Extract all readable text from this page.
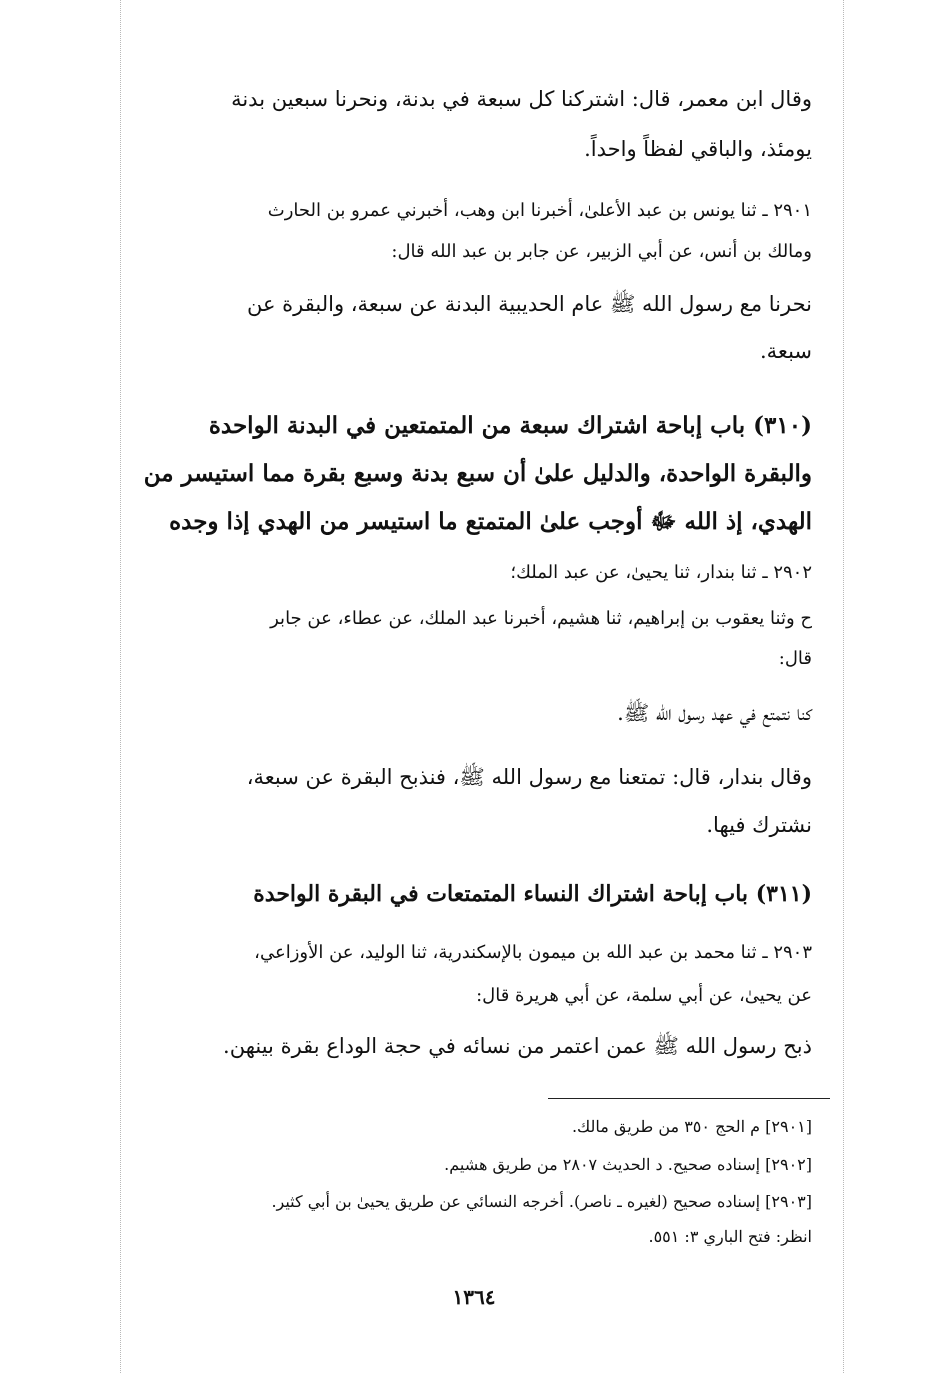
وقال ابن معمر، قال: اشتركنا كل سبعة في بدنة، ونحرنا سبعين بدنة
يومئذ، والباقي لفظاً واحداً.
٢٩٠١ ـ ثنا يونس بن عبد الأعلىٰ، أخبرنا ابن وهب، أخبرني عمرو بن الحارث
ومالك بن أنس، عن أبي الزبير، عن جابر بن عبد الله قال:
نحرنا مع رسول الله ﷺ عام الحديبية البدنة عن سبعة، والبقرة عن
سبعة.
(٣١٠) باب إباحة اشتراك سبعة من المتمتعين في البدنة الواحدة
والبقرة الواحدة، والدليل علىٰ أن سبع بدنة وسبع بقرة مما استيسر من
الهدي، إذ الله ﷻ أوجب علىٰ المتمتع ما استيسر من الهدي إذا وجده
٢٩٠٢ ـ ثنا بندار، ثنا يحيىٰ، عن عبد الملك؛
ح وثنا يعقوب بن إبراهيم، ثنا هشيم، أخبرنا عبد الملك، عن عطاء، عن جابر
قال:
كنا نتمتع في عهد رسول الله ﷺ.
وقال بندار، قال: تمتعنا مع رسول الله ﷺ، فنذبح البقرة عن سبعة،
نشترك فيها.
(٣١١) باب إباحة اشتراك النساء المتمتعات في البقرة الواحدة
٢٩٠٣ ـ ثنا محمد بن عبد الله بن ميمون بالإسكندرية، ثنا الوليد، عن الأوزاعي،
عن يحيىٰ، عن أبي سلمة، عن أبي هريرة قال:
ذبح رسول الله ﷺ عمن اعتمر من نسائه في حجة الوداع بقرة بينهن.
[٢٩٠١] م الحج ٣٥٠ من طريق مالك.
[٢٩٠٢] إسناده صحيح. د الحديث ٢٨٠٧ من طريق هشيم.
[٢٩٠٣] إسناده صحيح (لغيره ـ ناصر). أخرجه النسائي عن طريق يحيىٰ بن أبي كثير.
انظر: فتح الباري ٣: ٥٥١.
١٣٦٤
